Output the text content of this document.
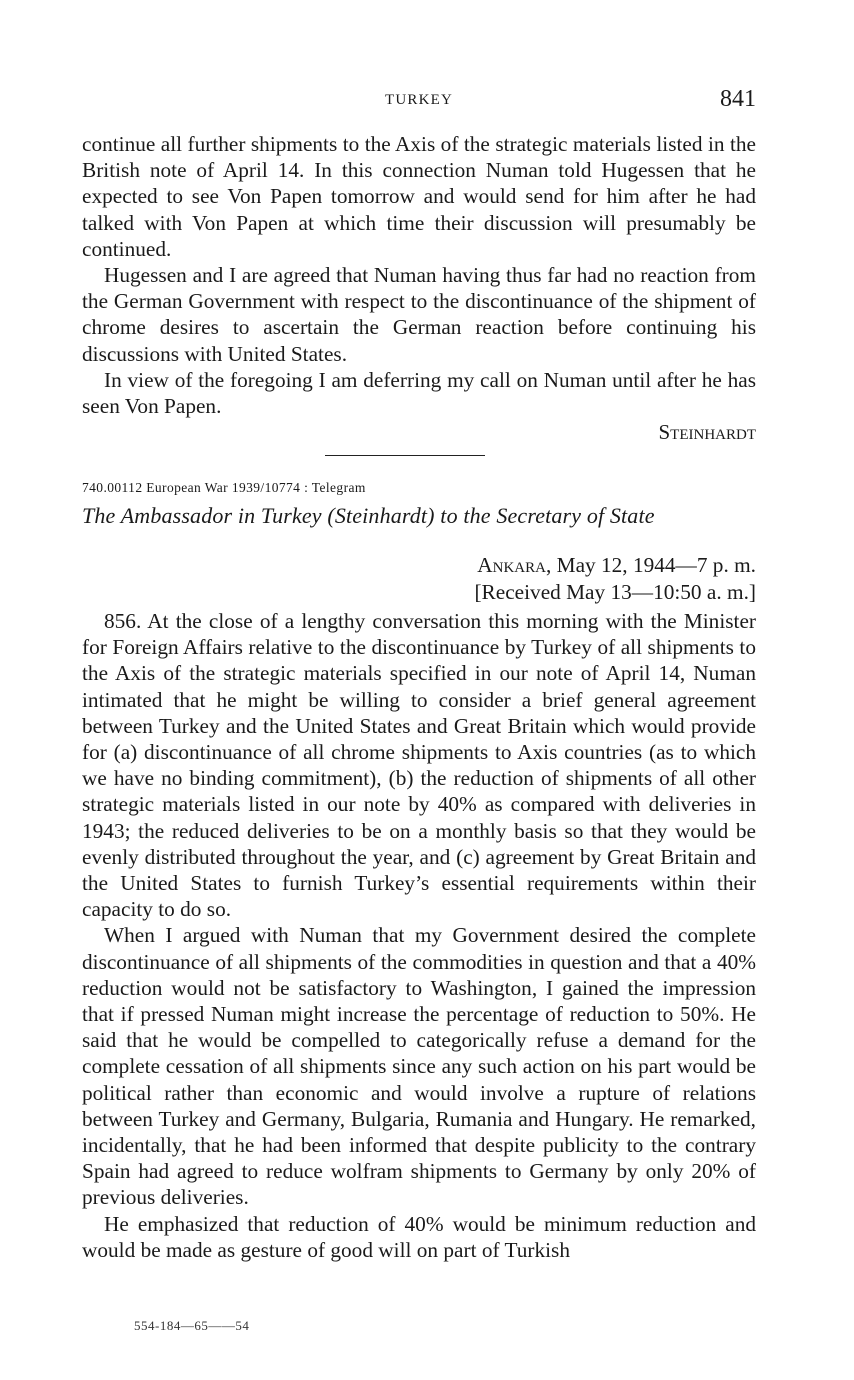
TURKEY	841

continue all further shipments to the Axis of the strategic materials listed in the British note of April 14. In this connection Numan told Hugessen that he expected to see Von Papen tomorrow and would send for him after he had talked with Von Papen at which time their discussion will presumably be continued.

Hugessen and I are agreed that Numan having thus far had no reaction from the German Government with respect to the discontinuance of the shipment of chrome desires to ascertain the German reaction before continuing his discussions with United States.

In view of the foregoing I am deferring my call on Numan until after he has seen Von Papen.

Steinhardt
740.00112 European War 1939/10774 : Telegram
The Ambassador in Turkey (Steinhardt) to the Secretary of State
Ankara, May 12, 1944—7 p. m.
[Received May 13—10:50 a. m.]

856. At the close of a lengthy conversation this morning with the Minister for Foreign Affairs relative to the discontinuance by Turkey of all shipments to the Axis of the strategic materials specified in our note of April 14, Numan intimated that he might be willing to consider a brief general agreement between Turkey and the United States and Great Britain which would provide for (a) discontinuance of all chrome shipments to Axis countries (as to which we have no binding commitment), (b) the reduction of shipments of all other strategic materials listed in our note by 40% as compared with deliveries in 1943; the reduced deliveries to be on a monthly basis so that they would be evenly distributed throughout the year, and (c) agreement by Great Britain and the United States to furnish Turkey’s essential requirements within their capacity to do so.

When I argued with Numan that my Government desired the complete discontinuance of all shipments of the commodities in question and that a 40% reduction would not be satisfactory to Washington, I gained the impression that if pressed Numan might increase the percentage of reduction to 50%. He said that he would be compelled to categorically refuse a demand for the complete cessation of all shipments since any such action on his part would be political rather than economic and would involve a rupture of relations between Turkey and Germany, Bulgaria, Rumania and Hungary. He remarked, incidentally, that he had been informed that despite publicity to the contrary Spain had agreed to reduce wolfram shipments to Germany by only 20% of previous deliveries.

He emphasized that reduction of 40% would be minimum reduction and would be made as gesture of good will on part of Turkish

554-184—65——54
